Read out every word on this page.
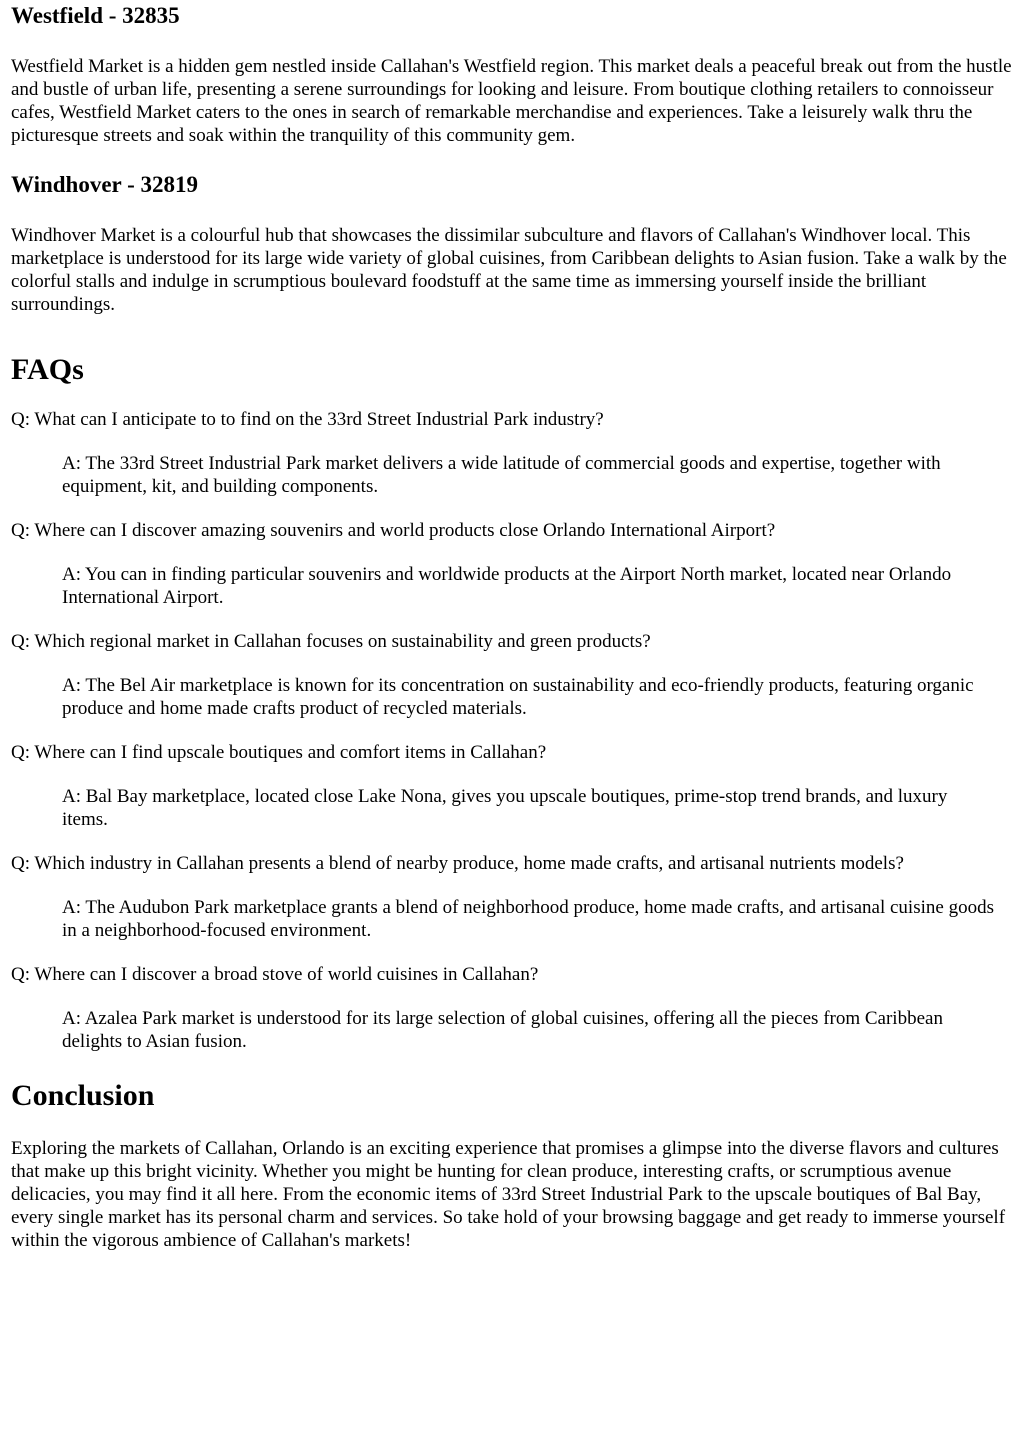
Westfield - 32835

Westfield Market is a hidden gem nestled inside Callahan's Westfield region. This market deals a peaceful break out from the hustle and bustle of urban life, presenting a serene surroundings for looking and leisure. From boutique clothing retailers to connoisseur cafes, Westfield Market caters to the ones in search of remarkable merchandise and experiences. Take a leisurely walk thru the picturesque streets and soak within the tranquility of this community gem.

Windhover - 32819

Windhover Market is a colourful hub that showcases the dissimilar subculture and flavors of Callahan's Windhover local. This marketplace is understood for its large wide variety of global cuisines, from Caribbean delights to Asian fusion. Take a walk by the colorful stalls and indulge in scrumptious boulevard foodstuff at the same time as immersing yourself inside the brilliant surroundings.

FAQs

Q: What can I anticipate to to find on the 33rd Street Industrial Park industry?

A: The 33rd Street Industrial Park market delivers a wide latitude of commercial goods and expertise, together with equipment, kit, and building components.

Q: Where can I discover amazing souvenirs and world products close Orlando International Airport?

A: You can in finding particular souvenirs and worldwide products at the Airport North market, located near Orlando International Airport.

Q: Which regional market in Callahan focuses on sustainability and green products?

A: The Bel Air marketplace is known for its concentration on sustainability and eco-friendly products, featuring organic produce and home made crafts product of recycled materials.

Q: Where can I find upscale boutiques and comfort items in Callahan?

A: Bal Bay marketplace, located close Lake Nona, gives you upscale boutiques, prime-stop trend brands, and luxury items.

Q: Which industry in Callahan presents a blend of nearby produce, home made crafts, and artisanal nutrients models?

A: The Audubon Park marketplace grants a blend of neighborhood produce, home made crafts, and artisanal cuisine goods in a neighborhood-focused environment.

Q: Where can I discover a broad stove of world cuisines in Callahan?

A: Azalea Park market is understood for its large selection of global cuisines, offering all the pieces from Caribbean delights to Asian fusion.

Conclusion

Exploring the markets of Callahan, Orlando is an exciting experience that promises a glimpse into the diverse flavors and cultures that make up this bright vicinity. Whether you might be hunting for clean produce, interesting crafts, or scrumptious avenue delicacies, you may find it all here. From the economic items of 33rd Street Industrial Park to the upscale boutiques of Bal Bay, every single market has its personal charm and services. So take hold of your browsing baggage and get ready to immerse yourself within the vigorous ambience of Callahan's markets!
